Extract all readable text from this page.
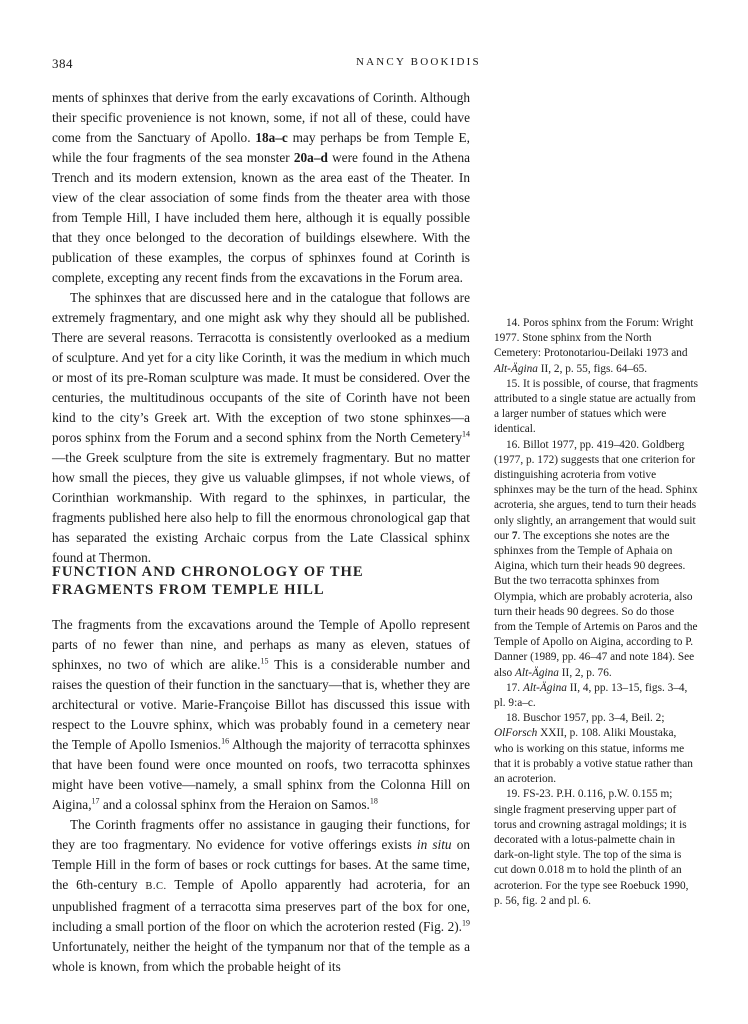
384	NANCY BOOKIDIS

ments of sphinxes that derive from the early excavations of Corinth. Although their specific provenience is not known, some, if not all of these, could have come from the Sanctuary of Apollo. 18a–c may perhaps be from Temple E, while the four fragments of the sea monster 20a–d were found in the Athena Trench and its modern extension, known as the area east of the Theater. In view of the clear association of some finds from the theater area with those from Temple Hill, I have included them here, although it is equally possible that they once belonged to the decoration of buildings elsewhere. With the publication of these examples, the corpus of sphinxes found at Corinth is complete, excepting any recent finds from the excavations in the Forum area.

The sphinxes that are discussed here and in the catalogue that follows are extremely fragmentary, and one might ask why they should all be published. There are several reasons. Terracotta is consistently overlooked as a medium of sculpture. And yet for a city like Corinth, it was the medium in which much or most of its pre-Roman sculpture was made. It must be considered. Over the centuries, the multitudinous occupants of the site of Corinth have not been kind to the city’s Greek art. With the exception of two stone sphinxes—a poros sphinx from the Forum and a second sphinx from the North Cemetery$^{14}$—the Greek sculpture from the site is extremely fragmentary. But no matter how small the pieces, they give us valuable glimpses, if not whole views, of Corinthian workmanship. With regard to the sphinxes, in particular, the fragments published here also help to fill the enormous chronological gap that has separated the existing Archaic corpus from the Late Classical sphinx found at Thermon.

FUNCTION AND CHRONOLOGY OF THE FRAGMENTS FROM TEMPLE HILL

The fragments from the excavations around the Temple of Apollo represent parts of no fewer than nine, and perhaps as many as eleven, statues of sphinxes, no two of which are alike.$^{15}$ This is a considerable number and raises the question of their function in the sanctuary—that is, whether they are architectural or votive. Marie-Françoise Billot has discussed this issue with respect to the Louvre sphinx, which was probably found in a cemetery near the Temple of Apollo Ismenios.$^{16}$ Although the majority of terracotta sphinxes that have been found were once mounted on roofs, two terracotta sphinxes might have been votive—namely, a small sphinx from the Colonna Hill on Aigina,$^{17}$ and a colossal sphinx from the Heraion on Samos.$^{18}$

The Corinth fragments offer no assistance in gauging their functions, for they are too fragmentary. No evidence for votive offerings exists in situ on Temple Hill in the form of bases or rock cuttings for bases. At the same time, the 6th-century B.C. Temple of Apollo apparently had acroteria, for an unpublished fragment of a terracotta sima preserves part of the box for one, including a small portion of the floor on which the acroterion rested (Fig. 2).$^{19}$ Unfortunately, neither the height of the tympanum nor that of the temple as a whole is known, from which the probable height of its

14. Poros sphinx from the Forum: Wright 1977. Stone sphinx from the North Cemetery: Protonotariou-Deilaki 1973 and Alt-Ägina II, 2, p. 55, figs. 64–65.

15. It is possible, of course, that fragments attributed to a single statue are actually from a larger number of statues which were identical.

16. Billot 1977, pp. 419–420. Goldberg (1977, p. 172) suggests that one criterion for distinguishing acroteria from votive sphinxes may be the turn of the head. Sphinx acroteria, she argues, tend to turn their heads only slightly, an arrangement that would suit our 7. The exceptions she notes are the sphinxes from the Temple of Aphaia on Aigina, which turn their heads 90 degrees. But the two terracotta sphinxes from Olympia, which are probably acroteria, also turn their heads 90 degrees. So do those from the Temple of Artemis on Paros and the Temple of Apollo on Aigina, according to P. Danner (1989, pp. 46–47 and note 184). See also Alt-Ägina II, 2, p. 76.

17. Alt-Ägina II, 4, pp. 13–15, figs. 3–4, pl. 9:a–c.

18. Buschor 1957, pp. 3–4, Beil. 2; OlForsch XXII, p. 108. Aliki Moustaka, who is working on this statue, informs me that it is probably a votive statue rather than an acroterion.

19. FS-23. P.H. 0.116, p.W. 0.155 m; single fragment preserving upper part of torus and crowning astragal moldings; it is decorated with a lotus-palmette chain in dark-on-light style. The top of the sima is cut down 0.018 m to hold the plinth of an acroterion. For the type see Roebuck 1990, p. 56, fig. 2 and pl. 6.
